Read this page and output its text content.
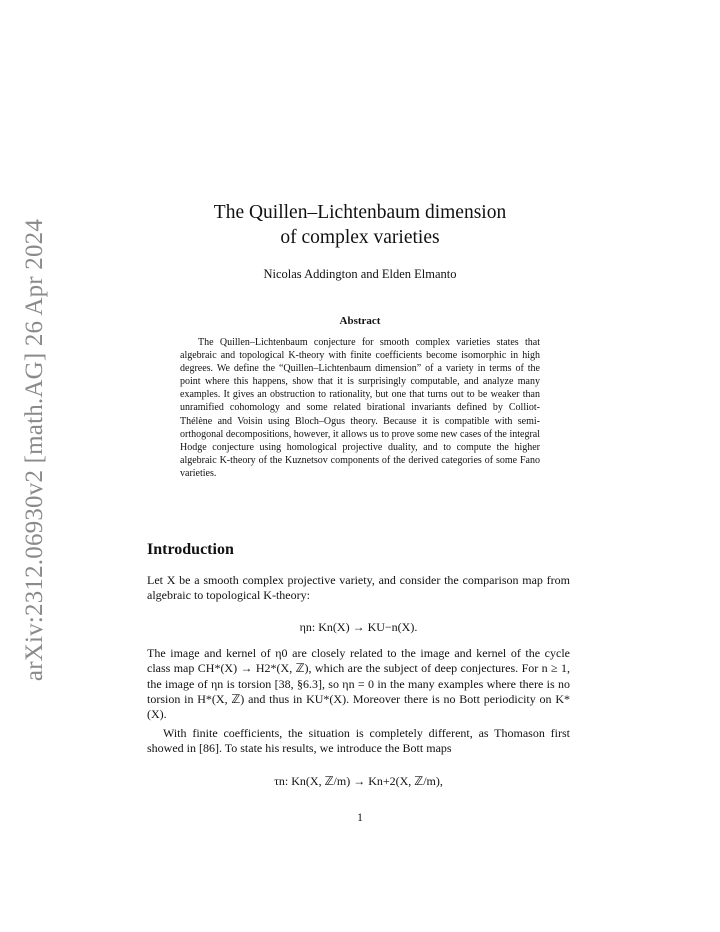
arXiv:2312.06930v2 [math.AG] 26 Apr 2024
The Quillen–Lichtenbaum dimension
of complex varieties
Nicolas Addington and Elden Elmanto
Abstract
The Quillen–Lichtenbaum conjecture for smooth complex varieties states that algebraic and topological K-theory with finite coefficients become isomorphic in high degrees. We define the “Quillen–Lichtenbaum dimension” of a variety in terms of the point where this happens, show that it is surprisingly computable, and analyze many examples. It gives an obstruction to rationality, but one that turns out to be weaker than unramified cohomology and some related birational invariants defined by Colliot-Thélène and Voisin using Bloch–Ogus theory. Because it is compatible with semi-orthogonal decompositions, however, it allows us to prove some new cases of the integral Hodge conjecture using homological projective duality, and to compute the higher algebraic K-theory of the Kuznetsov components of the derived categories of some Fano varieties.
Introduction

Let X be a smooth complex projective variety, and consider the comparison map from algebraic to topological K-theory:

ηn: Kn(X) → KU−n(X).

The image and kernel of η0 are closely related to the image and kernel of the cycle class map CH*(X) → H2*(X, ℤ), which are the subject of deep conjectures. For n ≥ 1, the image of ηn is torsion [38, §6.3], so ηn = 0 in the many examples where there is no torsion in H*(X, ℤ) and thus in KU*(X). Moreover there is no Bott periodicity on K*(X).

With finite coefficients, the situation is completely different, as Thomason first showed in [86]. To state his results, we introduce the Bott maps

τn: Kn(X, ℤ/m) → Kn+2(X, ℤ/m),
1
